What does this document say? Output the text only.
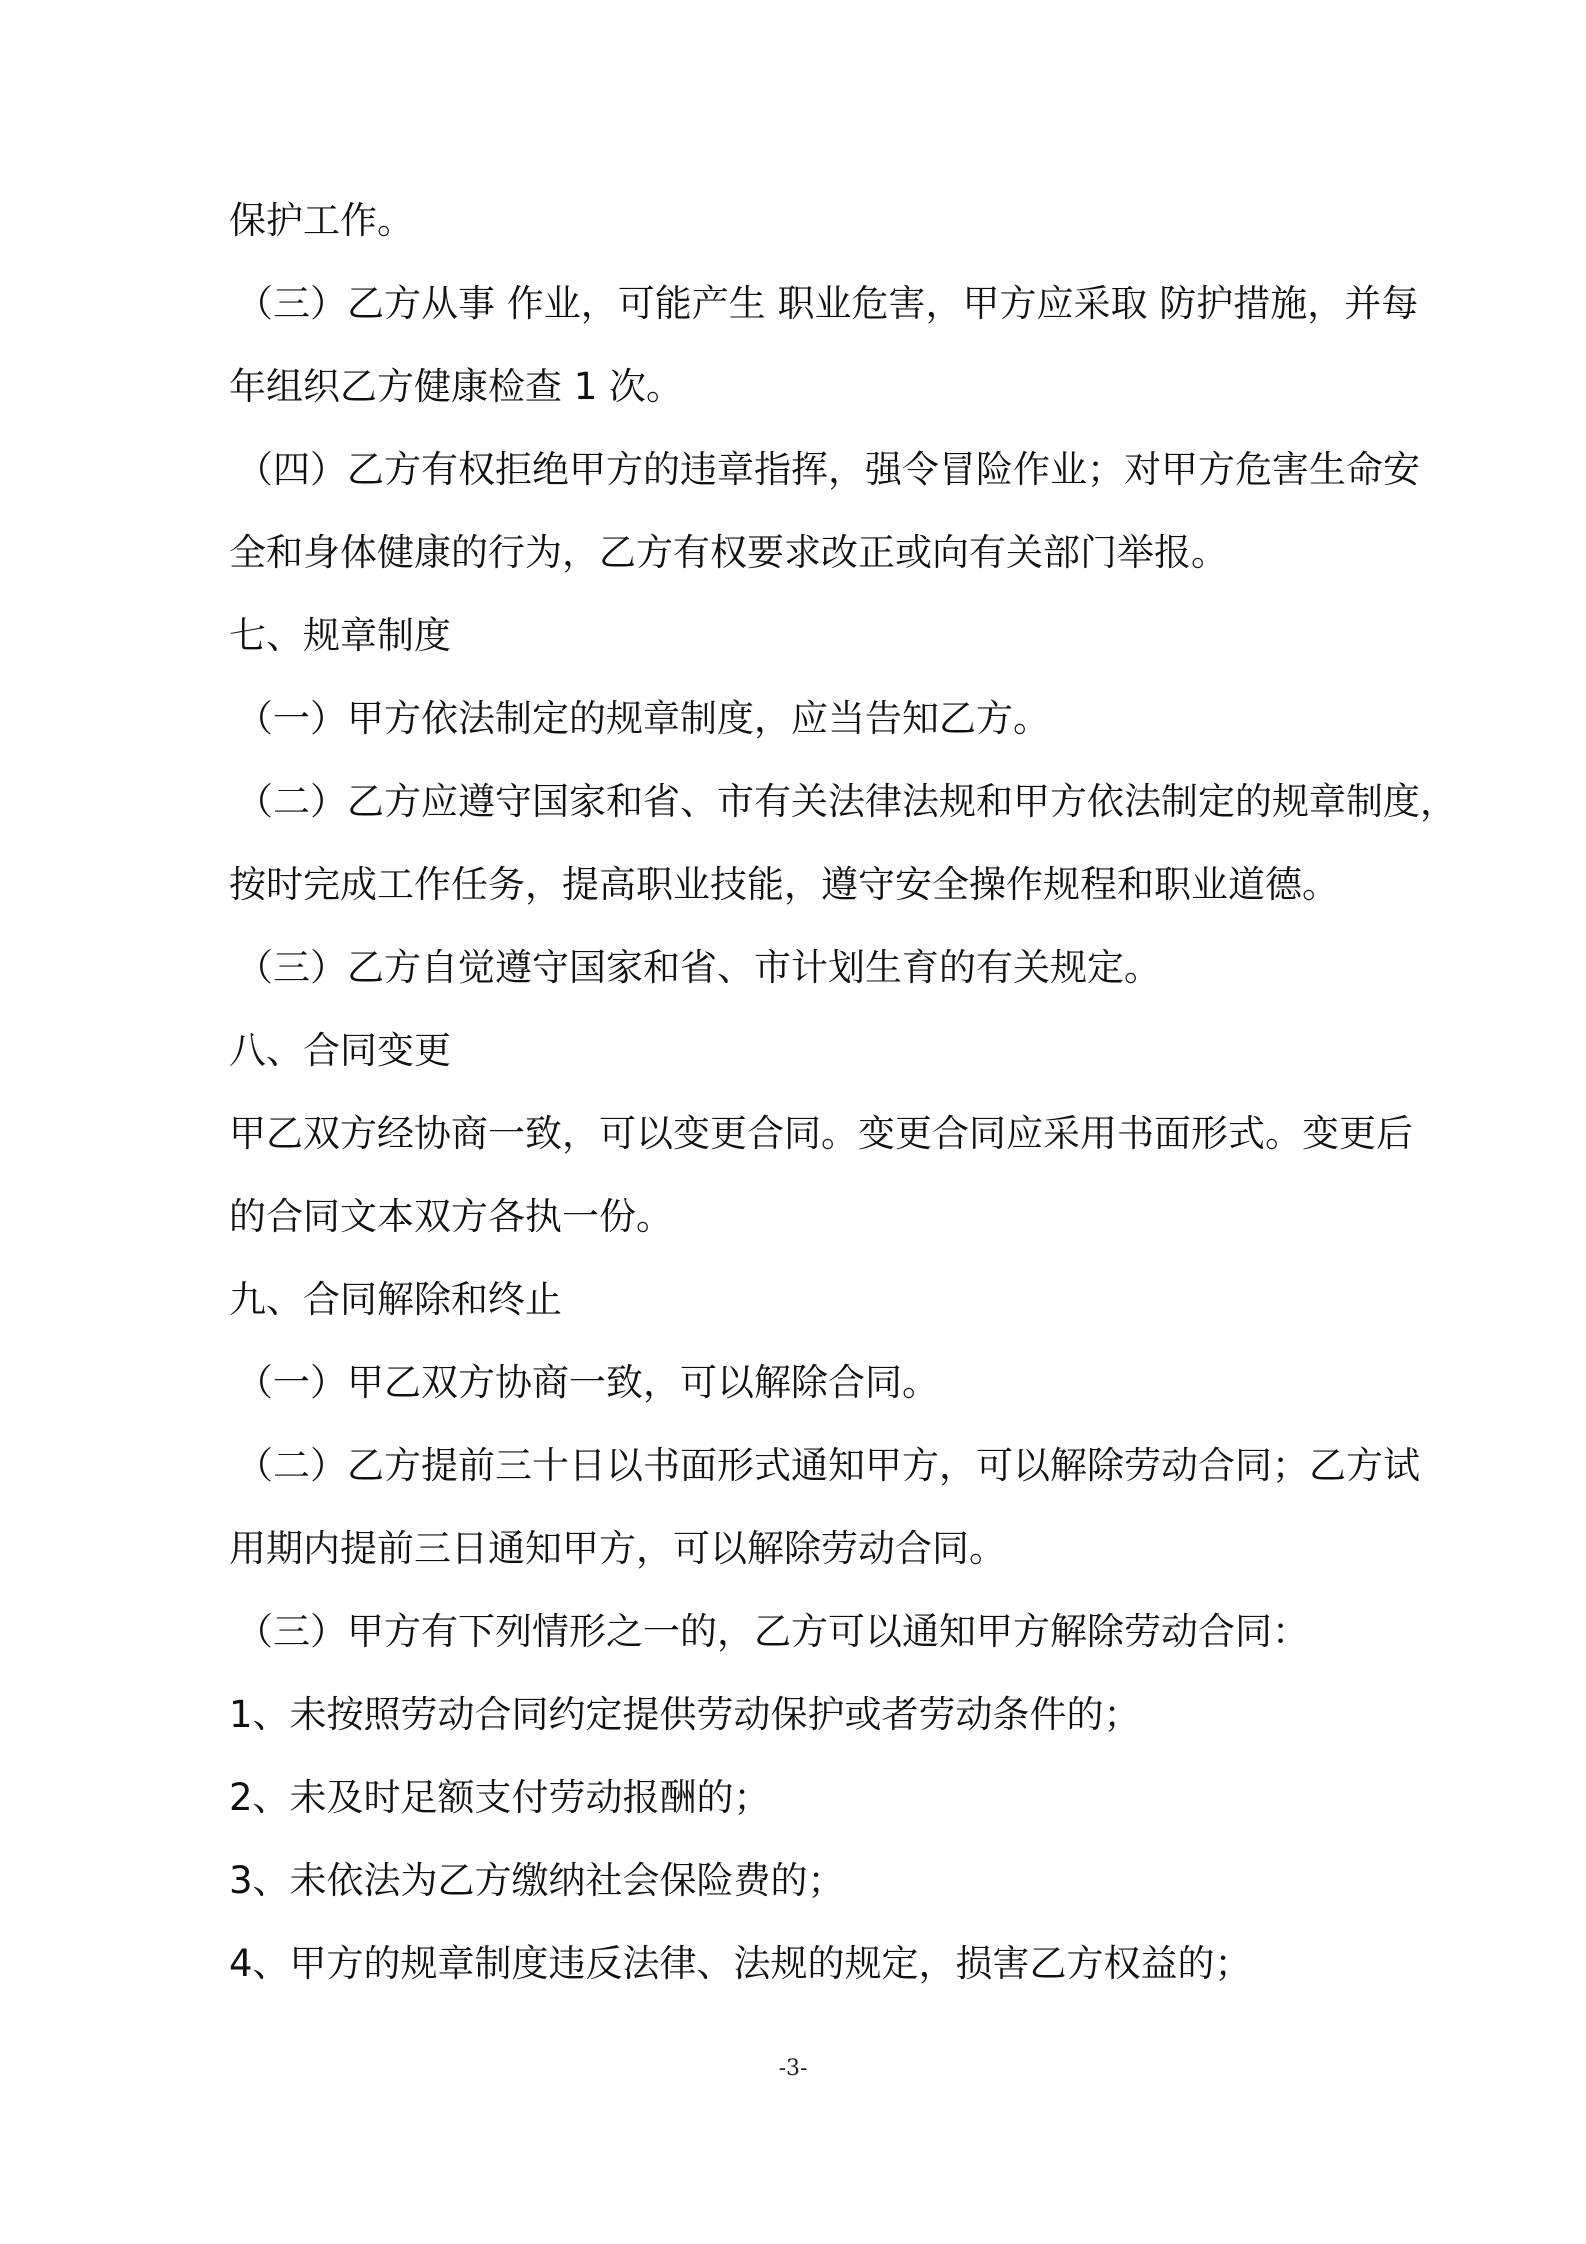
保护工作。
（三）乙方从事 作业，可能产生 职业危害，甲方应采取 防护措施，并每
年组织乙方健康检查 1 次。
（四）乙方有权拒绝甲方的违章指挥，强令冒险作业；对甲方危害生命安
全和身体健康的行为，乙方有权要求改正或向有关部门举报。
七、规章制度
（一）甲方依法制定的规章制度，应当告知乙方。
（二）乙方应遵守国家和省、市有关法律法规和甲方依法制定的规章制度，
按时完成工作任务，提高职业技能，遵守安全操作规程和职业道德。
（三）乙方自觉遵守国家和省、市计划生育的有关规定。
八、合同变更
甲乙双方经协商一致，可以变更合同。变更合同应采用书面形式。变更后
的合同文本双方各执一份。
九、合同解除和终止
（一）甲乙双方协商一致，可以解除合同。
（二）乙方提前三十日以书面形式通知甲方，可以解除劳动合同；乙方试
用期内提前三日通知甲方，可以解除劳动合同。
（三）甲方有下列情形之一的，乙方可以通知甲方解除劳动合同：
1、未按照劳动合同约定提供劳动保护或者劳动条件的；
2、未及时足额支付劳动报酬的；
3、未依法为乙方缴纳社会保险费的；
4、甲方的规章制度违反法律、法规的规定，损害乙方权益的；
-3-
